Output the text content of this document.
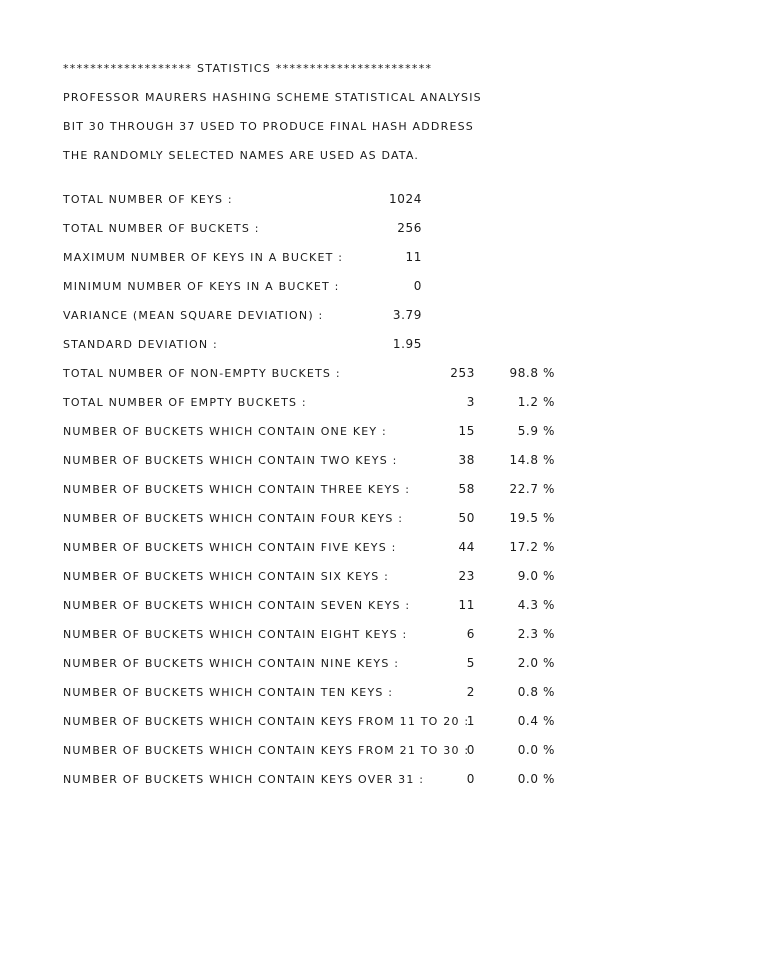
******************* STATISTICS ***********************
PROFESSOR MAURERS HASHING SCHEME STATISTICAL ANALYSIS
BIT 30 THROUGH 37 USED TO PRODUCE FINAL HASH ADDRESS
THE RANDOMLY SELECTED NAMES ARE USED AS DATA.
TOTAL NUMBER OF KEYS :	1024
TOTAL NUMBER OF BUCKETS :	256
MAXIMUM NUMBER OF KEYS IN A BUCKET :	11
MINIMUM NUMBER OF KEYS IN A BUCKET :	0
VARIANCE (MEAN SQUARE DEVIATION) :	3.79
STANDARD DEVIATION :	1.95
TOTAL NUMBER OF NON-EMPTY BUCKETS :	253	98.8 %
TOTAL NUMBER OF EMPTY BUCKETS :	3	1.2 %
NUMBER OF BUCKETS WHICH CONTAIN ONE KEY :	15	5.9 %
NUMBER OF BUCKETS WHICH CONTAIN TWO KEYS :	38	14.8 %
NUMBER OF BUCKETS WHICH CONTAIN THREE KEYS :	58	22.7 %
NUMBER OF BUCKETS WHICH CONTAIN FOUR KEYS :	50	19.5 %
NUMBER OF BUCKETS WHICH CONTAIN FIVE KEYS :	44	17.2 %
NUMBER OF BUCKETS WHICH CONTAIN SIX KEYS :	23	9.0 %
NUMBER OF BUCKETS WHICH CONTAIN SEVEN KEYS :	11	4.3 %
NUMBER OF BUCKETS WHICH CONTAIN EIGHT KEYS :	6	2.3 %
NUMBER OF BUCKETS WHICH CONTAIN NINE KEYS :	5	2.0 %
NUMBER OF BUCKETS WHICH CONTAIN TEN KEYS :	2	0.8 %
NUMBER OF BUCKETS WHICH CONTAIN KEYS FROM 11 TO 20 :
1	0.4 %
NUMBER OF BUCKETS WHICH CONTAIN KEYS FROM 21 TO 30 :
0	0.0 %
NUMBER OF BUCKETS WHICH CONTAIN KEYS OVER 31 :	0	0.0 %
